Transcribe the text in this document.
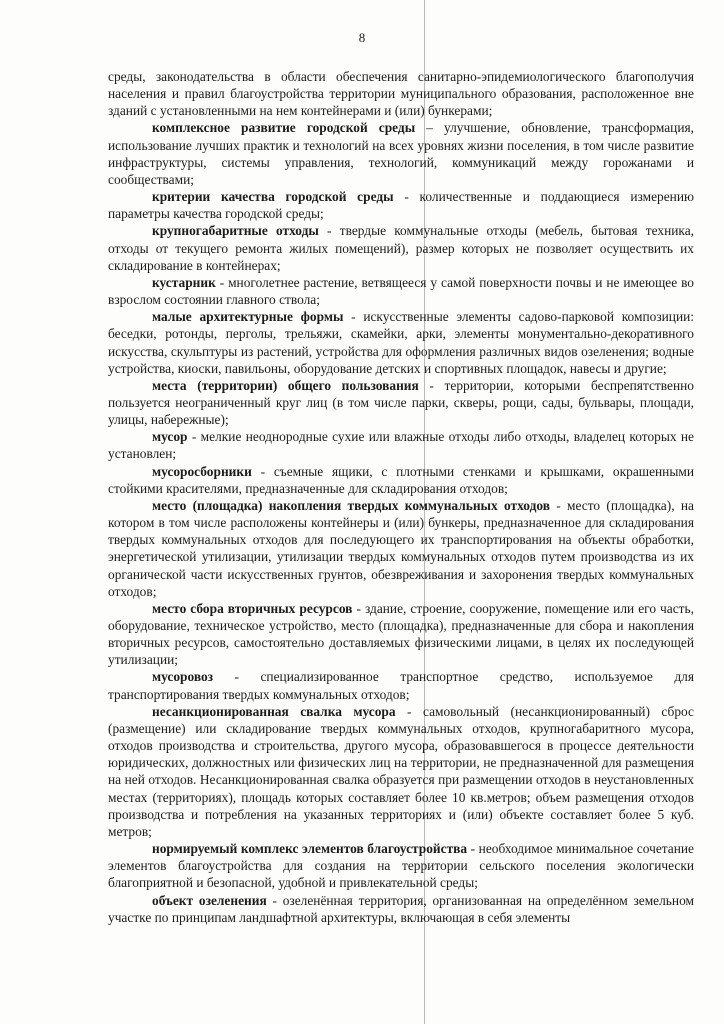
8

среды, законодательства в области обеспечения санитарно-эпидемиологического благополучия населения и правил благоустройства территории муниципального образования, расположенное вне зданий с установленными на нем контейнерами и (или) бункерами;

комплексное развитие городской среды – улучшение, обновление, трансформация, использование лучших практик и технологий на всех уровнях жизни поселения, в том числе развитие инфраструктуры, системы управления, технологий, коммуникаций между горожанами и сообществами;

критерии качества городской среды - количественные и поддающиеся измерению параметры качества городской среды;

крупногабаритные отходы - твердые коммунальные отходы (мебель, бытовая техника, отходы от текущего ремонта жилых помещений), размер которых не позволяет осуществить их складирование в контейнерах;

кустарник - многолетнее растение, ветвящееся у самой поверхности почвы и не имеющее во взрослом состоянии главного ствола;

малые архитектурные формы - искусственные элементы садово-парковой композиции: беседки, ротонды, перголы, трельяжи, скамейки, арки, элементы монументально-декоративного искусства, скульптуры из растений, устройства для оформления различных видов озеленения; водные устройства, киоски, павильоны, оборудование детских и спортивных площадок, навесы и другие;

места (территории) общего пользования - территории, которыми беспрепятственно пользуется неограниченный круг лиц (в том числе парки, скверы, рощи, сады, бульвары, площади, улицы, набережные);

мусор - мелкие неоднородные сухие или влажные отходы либо отходы, владелец которых не установлен;

мусоросборники - съемные ящики, с плотными стенками и крышками, окрашенными стойкими красителями, предназначенные для складирования отходов;

место (площадка) накопления твердых коммунальных отходов - место (площадка), на котором в том числе расположены контейнеры и (или) бункеры, предназначенное для складирования твердых коммунальных отходов для последующего их транспортирования на объекты обработки, энергетической утилизации, утилизации твердых коммунальных отходов путем производства из их органической части искусственных грунтов, обезвреживания и захоронения твердых коммунальных отходов;

место сбора вторичных ресурсов - здание, строение, сооружение, помещение или его часть, оборудование, техническое устройство, место (площадка), предназначенные для сбора и накопления вторичных ресурсов, самостоятельно доставляемых физическими лицами, в целях их последующей утилизации;

мусоровоз - специализированное транспортное средство, используемое для транспортирования твердых коммунальных отходов;

несанкционированная свалка мусора - самовольный (несанкционированный) сброс (размещение) или складирование твердых коммунальных отходов, крупногабаритного мусора, отходов производства и строительства, другого мусора, образовавшегося в процессе деятельности юридических, должностных или физических лиц на территории, не предназначенной для размещения на ней отходов. Несанкционированная свалка образуется при размещении отходов в неустановленных местах (территориях), площадь которых составляет более 10 кв.метров; объем размещения отходов производства и потребления на указанных территориях и (или) объекте составляет более 5 куб. метров;

нормируемый комплекс элементов благоустройства - необходимое минимальное сочетание элементов благоустройства для создания на территории сельского поселения экологически благоприятной и безопасной, удобной и привлекательной среды;

объект озеленения - озеленённая территория, организованная на определённом земельном участке по принципам ландшафтной архитектуры, включающая в себя элементы
